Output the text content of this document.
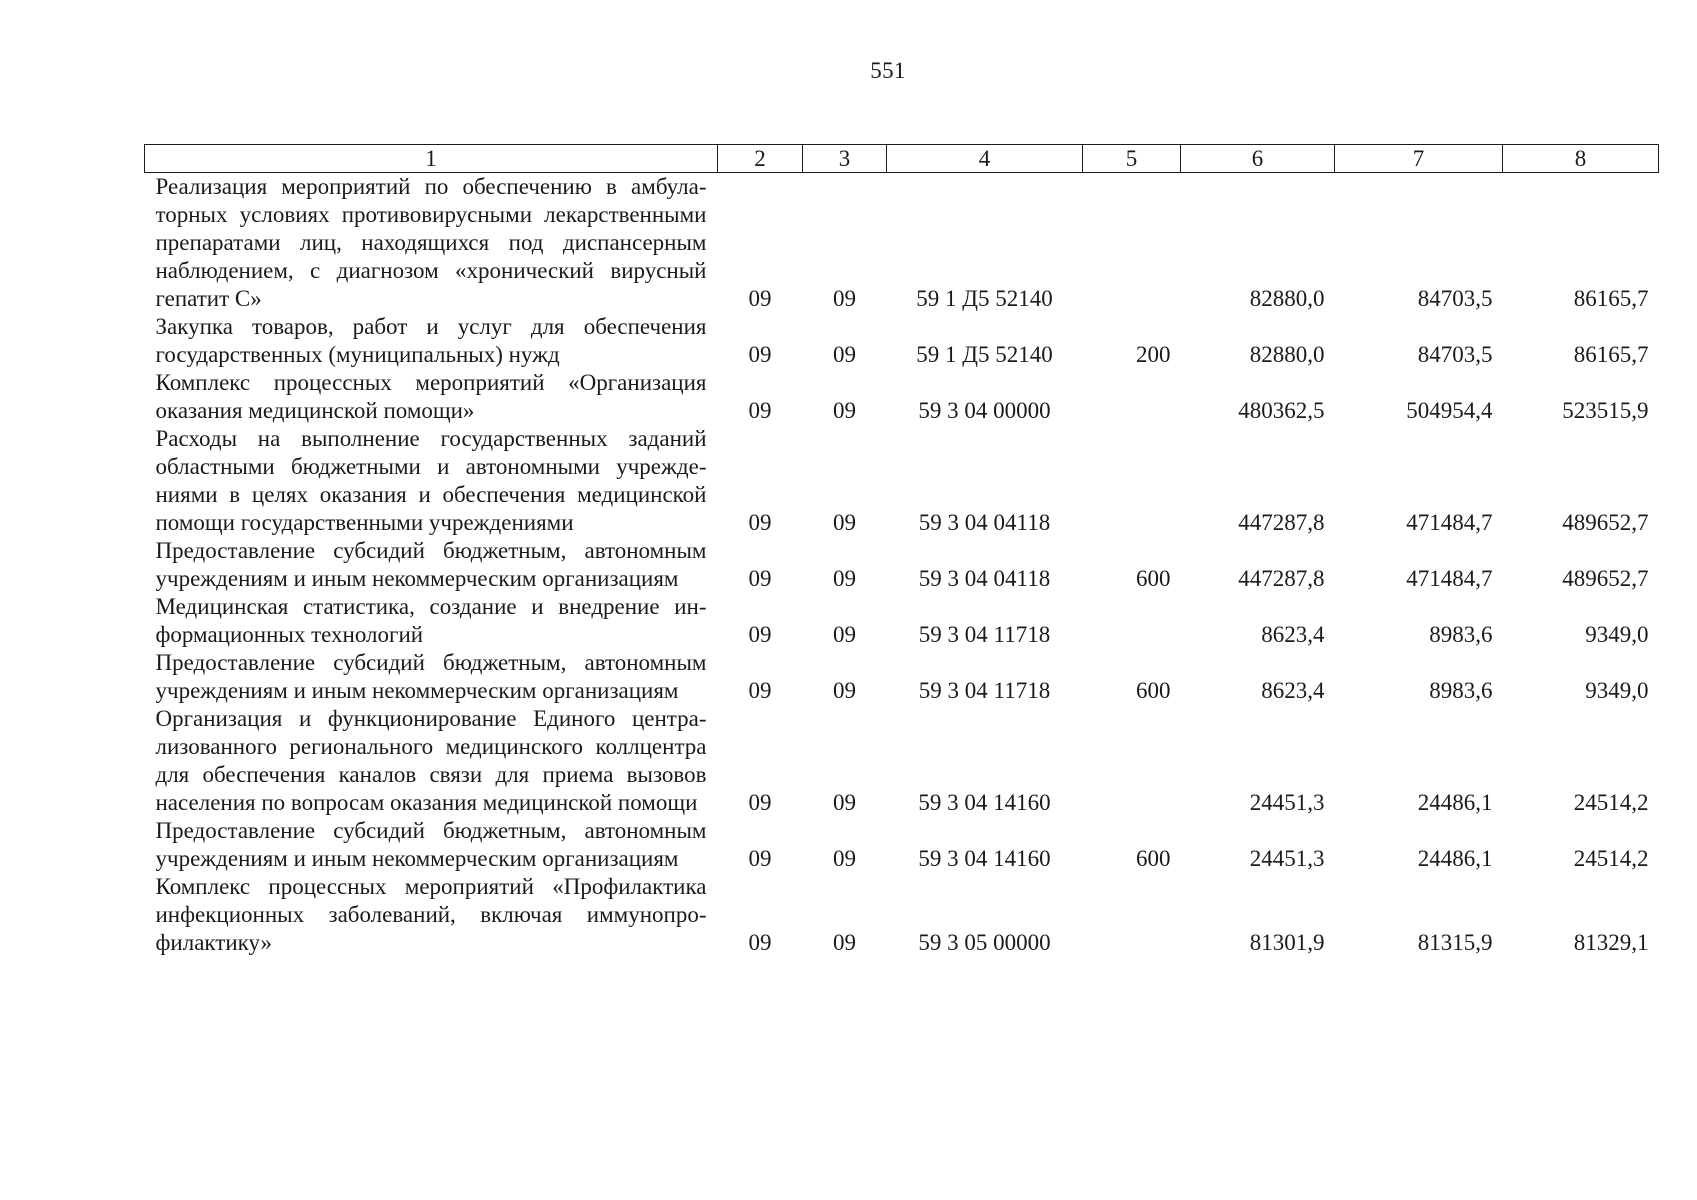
551
1	2	3	4	5	6	7	8
Реализация мероприятий по обеспечению в амбулаторных условиях противовирусными лекарственными препаратами лиц, находящихся под диспансерным наблюдением, с диагнозом «хронический вирусный гепатит С»	09	09	59 1 Д5 52140		82880,0	84703,5	86165,7
Закупка товаров, работ и услуг для обеспечения государственных (муниципальных) нужд	09	09	59 1 Д5 52140	200	82880,0	84703,5	86165,7
Комплекс процессных мероприятий «Организация оказания медицинской помощи»	09	09	59 3 04 00000		480362,5	504954,4	523515,9
Расходы на выполнение государственных заданий областными бюджетными и автономными учреждениями в целях оказания и обеспечения медицинской помощи государственными учреждениями	09	09	59 3 04 04118		447287,8	471484,7	489652,7
Предоставление субсидий бюджетным, автономным учреждениям и иным некоммерческим организациям	09	09	59 3 04 04118	600	447287,8	471484,7	489652,7
Медицинская статистика, создание и внедрение информационных технологий	09	09	59 3 04 11718		8623,4	8983,6	9349,0
Предоставление субсидий бюджетным, автономным учреждениям и иным некоммерческим организациям	09	09	59 3 04 11718	600	8623,4	8983,6	9349,0
Организация и функционирование Единого централизованного регионального медицинского коллцентра для обеспечения каналов связи для приема вызовов населения по вопросам оказания медицинской помощи	09	09	59 3 04 14160		24451,3	24486,1	24514,2
Предоставление субсидий бюджетным, автономным учреждениям и иным некоммерческим организациям	09	09	59 3 04 14160	600	24451,3	24486,1	24514,2
Комплекс процессных мероприятий «Профилактика инфекционных заболеваний, включая иммунопрофилактику»	09	09	59 3 05 00000		81301,9	81315,9	81329,1
